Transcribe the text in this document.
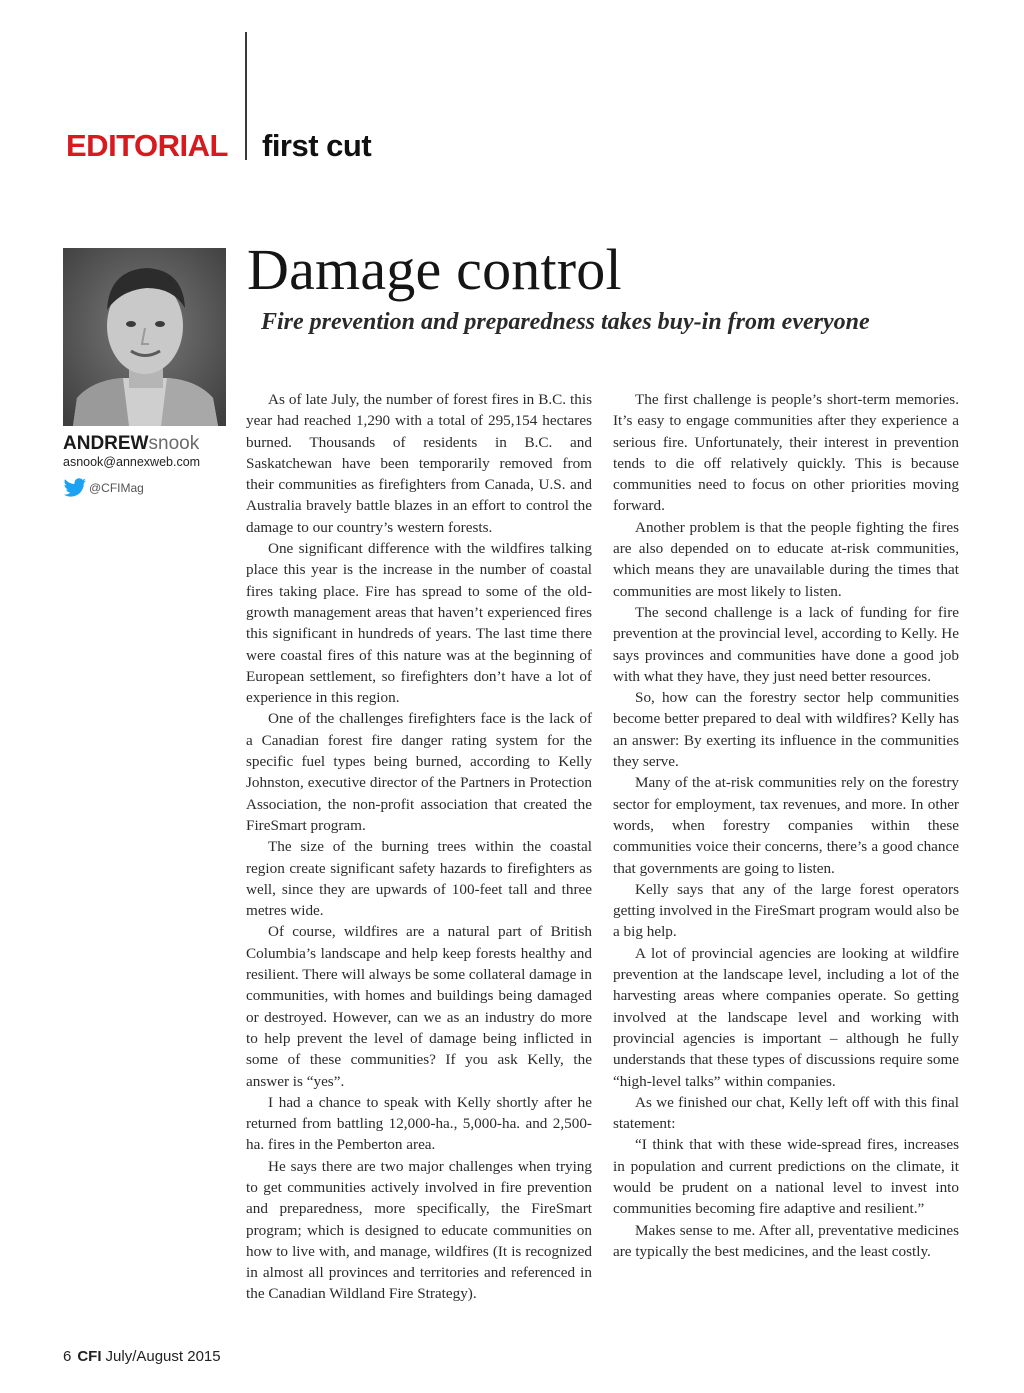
EDITORIAL first cut
ANDREWsnook
asnook@annexweb.com
@CFIMag
Damage control
Fire prevention and preparedness takes buy-in from everyone

As of late July, the number of forest fires in B.C. this year had reached 1,290 with a total of 295,154 hectares burned. Thousands of residents in B.C. and Saskatchewan have been temporarily removed from their communities as firefighters from Canada, U.S. and Australia bravely battle blazes in an effort to control the damage to our country’s western forests.

One significant difference with the wildfires talking place this year is the increase in the number of coastal fires taking place. Fire has spread to some of the old-growth management areas that haven’t experienced fires this significant in hundreds of years. The last time there were coastal fires of this nature was at the beginning of European settlement, so firefighters don’t have a lot of experience in this region.

One of the challenges firefighters face is the lack of a Canadian forest fire danger rating system for the specific fuel types being burned, according to Kelly Johnston, executive director of the Partners in Protection Association, the non-profit association that created the FireSmart program.

The size of the burning trees within the coastal region create significant safety hazards to firefighters as well, since they are upwards of 100-feet tall and three metres wide.

Of course, wildfires are a natural part of British Columbia’s landscape and help keep forests healthy and resilient. There will always be some collateral damage in communities, with homes and buildings being damaged or destroyed. However, can we as an industry do more to help prevent the level of damage being inflicted in some of these communities? If you ask Kelly, the answer is “yes”.

I had a chance to speak with Kelly shortly after he returned from battling 12,000-ha., 5,000-ha. and 2,500-ha. fires in the Pemberton area.

He says there are two major challenges when trying to get communities actively involved in fire prevention and preparedness, more specifically, the FireSmart program; which is designed to educate communities on how to live with, and manage, wildfires (It is recognized in almost all provinces and territories and referenced in the Canadian Wildland Fire Strategy).

The first challenge is people’s short-term memories. It’s easy to engage communities after they experience a serious fire. Unfortunately, their interest in prevention tends to die off relatively quickly. This is because communities need to focus on other priorities moving forward.

Another problem is that the people fighting the fires are also depended on to educate at-risk communities, which means they are unavailable during the times that communities are most likely to listen.

The second challenge is a lack of funding for fire prevention at the provincial level, according to Kelly. He says provinces and communities have done a good job with what they have, they just need better resources.

So, how can the forestry sector help communities become better prepared to deal with wildfires? Kelly has an answer: By exerting its influence in the communities they serve.

Many of the at-risk communities rely on the forestry sector for employment, tax revenues, and more. In other words, when forestry companies within these communities voice their concerns, there’s a good chance that governments are going to listen.

Kelly says that any of the large forest operators getting involved in the FireSmart program would also be a big help.

A lot of provincial agencies are looking at wildfire prevention at the landscape level, including a lot of the harvesting areas where companies operate. So getting involved at the landscape level and working with provincial agencies is important – although he fully understands that these types of discussions require some “high-level talks” within companies.

As we finished our chat, Kelly left off with this final statement:

“I think that with these wide-spread fires, increases in population and current predictions on the climate, it would be prudent on a national level to invest into communities becoming fire adaptive and resilient.”

Makes sense to me. After all, preventative medicines are typically the best medicines, and the least costly.

6 CFI July/August 2015
